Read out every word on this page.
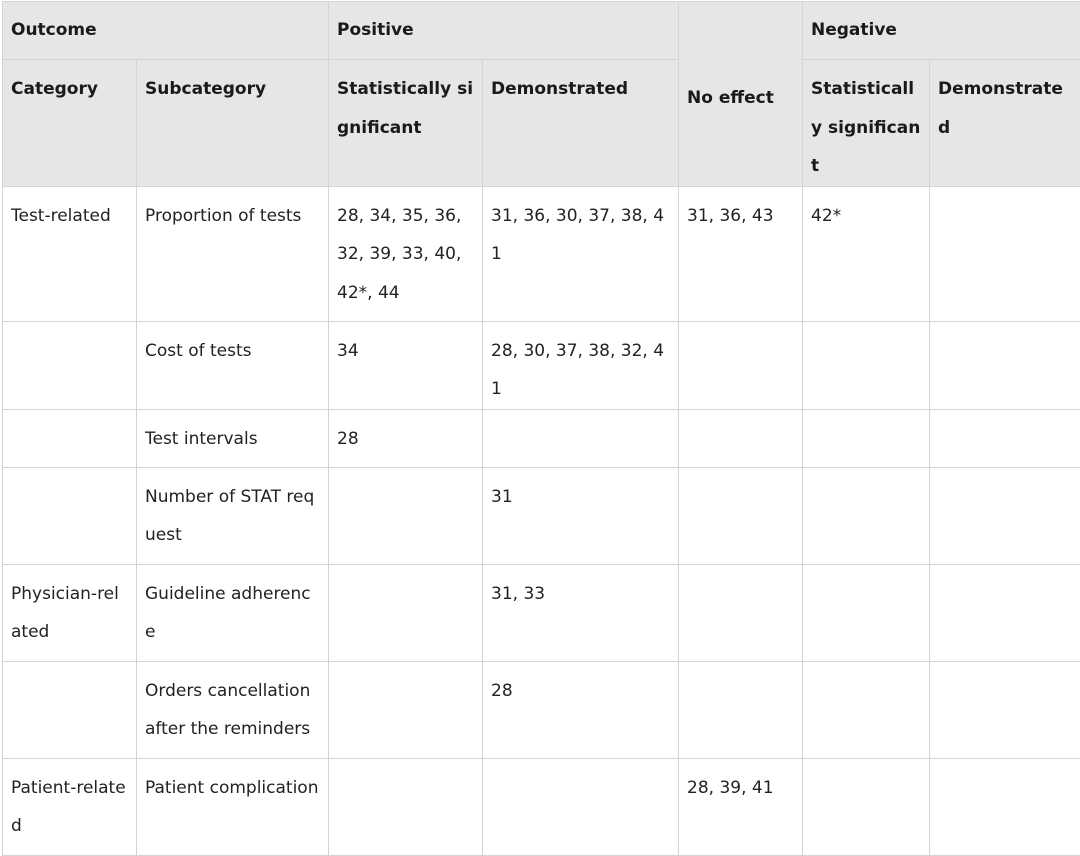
Outcome		Positive		No effect	Negative	
Category	Subcategory	Statistically significant	Demonstrated		Statistically significant	Demonstrated
Test-related	Proportion of tests	28, 34, 35, 36, 32, 39, 33, 40, 42*, 44	31, 36, 30, 37, 38, 41	31, 36, 43	42*	
	Cost of tests	34	28, 30, 37, 38, 32, 41			
	Test intervals	28				
	Number of STAT request		31			
Physician-related	Guideline adherence		31, 33			
	Orders cancellation after the reminders		28			
Patient-related	Patient complication			28, 39, 41		
